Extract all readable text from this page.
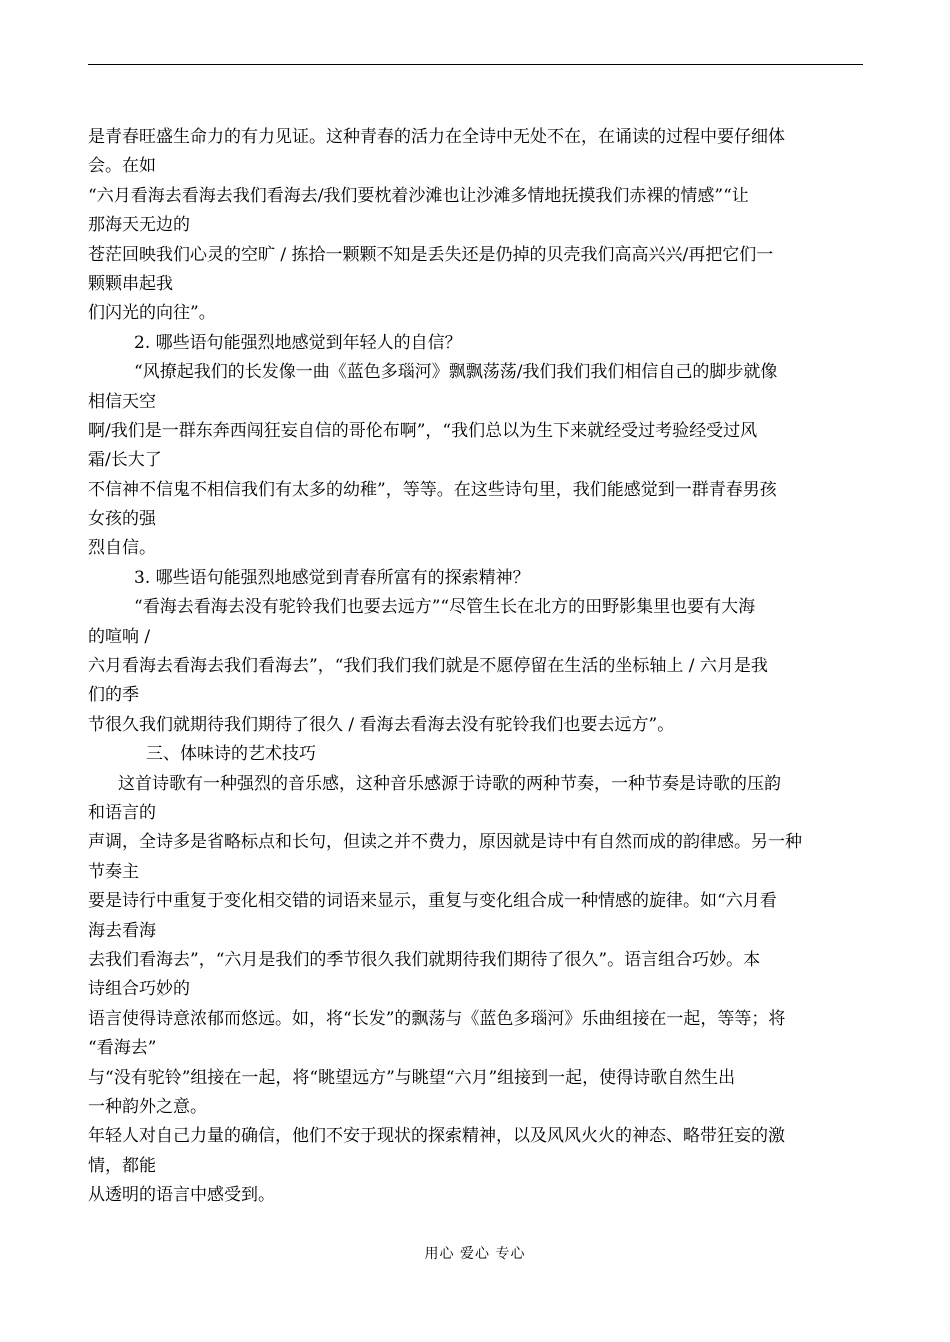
是青春旺盛生命力的有力见证。这种青春的活力在全诗中无处不在，在诵读的过程中要仔细体
会。在如
“六月看海去看海去我们看海去/我们要枕着沙滩也让沙滩多情地抚摸我们赤裸的情感”“让
那海天无边的
苍茫回映我们心灵的空旷 / 拣拾一颗颗不知是丢失还是仍掉的贝壳我们高高兴兴/再把它们一
颗颗串起我
们闪光的向往”。
2. 哪些语句能强烈地感觉到年轻人的自信？
“风撩起我们的长发像一曲《蓝色多瑙河》飘飘荡荡/我们我们我们相信自己的脚步就像
相信天空
啊/我们是一群东奔西闯狂妄自信的哥伦布啊”，“我们总以为生下来就经受过考验经受过风
霜/长大了
不信神不信鬼不相信我们有太多的幼稚”，等等。在这些诗句里，我们能感觉到一群青春男孩
女孩的强
烈自信。
3. 哪些语句能强烈地感觉到青春所富有的探索精神？
“看海去看海去没有驼铃我们也要去远方”“尽管生长在北方的田野影集里也要有大海
的喧响 /
六月看海去看海去我们看海去”，“我们我们我们就是不愿停留在生活的坐标轴上 / 六月是我
们的季
节很久我们就期待我们期待了很久 / 看海去看海去没有驼铃我们也要去远方”。
三、体味诗的艺术技巧
这首诗歌有一种强烈的音乐感，这种音乐感源于诗歌的两种节奏，一种节奏是诗歌的压韵
和语言的
声调，全诗多是省略标点和长句，但读之并不费力，原因就是诗中有自然而成的韵律感。另一种
节奏主
要是诗行中重复于变化相交错的词语来显示，重复与变化组合成一种情感的旋律。如“六月看
海去看海
去我们看海去”，“六月是我们的季节很久我们就期待我们期待了很久”。语言组合巧妙。本
诗组合巧妙的
语言使得诗意浓郁而悠远。如，将“长发”的飘荡与《蓝色多瑙河》乐曲组接在一起，等等；将
“看海去”
与“没有驼铃”组接在一起，将“眺望远方”与眺望“六月”组接到一起，使得诗歌自然生出
一种韵外之意。
年轻人对自己力量的确信，他们不安于现状的探索精神，以及风风火火的神态、略带狂妄的激
情，都能
从透明的语言中感受到。
用心 爱心 专心
